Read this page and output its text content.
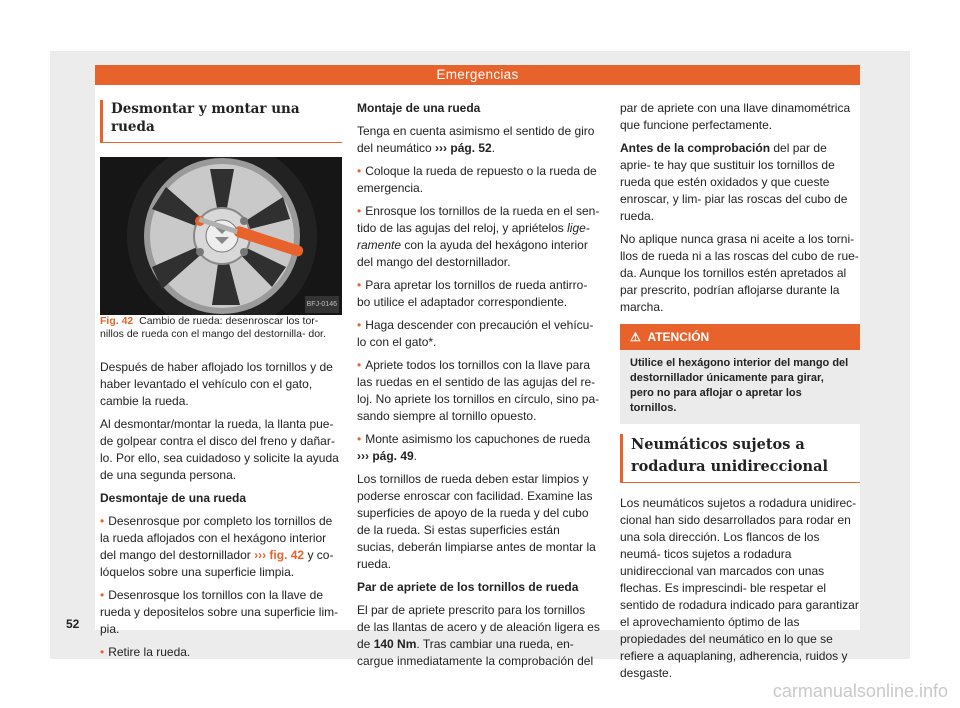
Emergencias
Desmontar y montar una rueda
BFJ-0146

Fig. 42 Cambio de rueda: desenroscar los tor- nillos de rueda con el mango del destornilla- dor.

Después de haber aflojado los tornillos y de haber levantado el vehículo con el gato, cambie la rueda.

Al desmontar/montar la rueda, la llanta pue- de golpear contra el disco del freno y dañar- lo. Por ello, sea cuidadoso y solicite la ayuda de una segunda persona.

Desmontaje de una rueda

• Desenrosque por completo los tornillos de la rueda aflojados con el hexágono interior del mango del destornillador ››› fig. 42 y co- lóquelos sobre una superficie limpia.

• Desenrosque los tornillos con la llave de rueda y depositelos sobre una superficie lim- pia.

• Retire la rueda.

Montaje de una rueda

Tenga en cuenta asimismo el sentido de giro del neumático ››› pág. 52.

• Coloque la rueda de repuesto o la rueda de emergencia.

• Enrosque los tornillos de la rueda en el sen- tido de las agujas del reloj, y apriételos lige- ramente con la ayuda del hexágono interior del mango del destornillador.

• Para apretar los tornillos de rueda antirro- bo utilice el adaptador correspondiente.

• Haga descender con precaución el vehícu- lo con el gato*.

• Apriete todos los tornillos con la llave para las ruedas en el sentido de las agujas del re- loj. No apriete los tornillos en círculo, sino pa- sando siempre al tornillo opuesto.

• Monte asimismo los capuchones de rueda ››› pág. 49.

Los tornillos de rueda deben estar limpios y poderse enroscar con facilidad. Examine las superficies de apoyo de la rueda y del cubo de la rueda. Si estas superficies están sucias, deberán limpiarse antes de montar la rueda.

Par de apriete de los tornillos de rueda

El par de apriete prescrito para los tornillos de las llantas de acero y de aleación ligera es de 140 Nm. Tras cambiar una rueda, en- cargue inmediatamente la comprobación del

par de apriete con una llave dinamométrica que funcione perfectamente.

Antes de la comprobación del par de aprie- te hay que sustituir los tornillos de rueda que estén oxidados y que cueste enroscar, y lim- piar las roscas del cubo de rueda.

No aplique nunca grasa ni aceite a los torni- llos de rueda ni a las roscas del cubo de rue- da. Aunque los tornillos estén apretados al par prescrito, podrían aflojarse durante la marcha.

⚠ ATENCIÓN
Utilice el hexágono interior del mango del destornillador únicamente para girar, pero no para aflojar o apretar los tornillos.
Neumáticos sujetos a rodadura unidireccional

Los neumáticos sujetos a rodadura unidirec- cional han sido desarrollados para rodar en una sola dirección. Los flancos de los neumá- ticos sujetos a rodadura unidireccional van marcados con unas flechas. Es imprescindi- ble respetar el sentido de rodadura indicado para garantizar el aprovechamiento óptimo de las propiedades del neumático en lo que se refiere a aquaplaning, adherencia, ruidos y desgaste.

52
carmanualsonline.info
